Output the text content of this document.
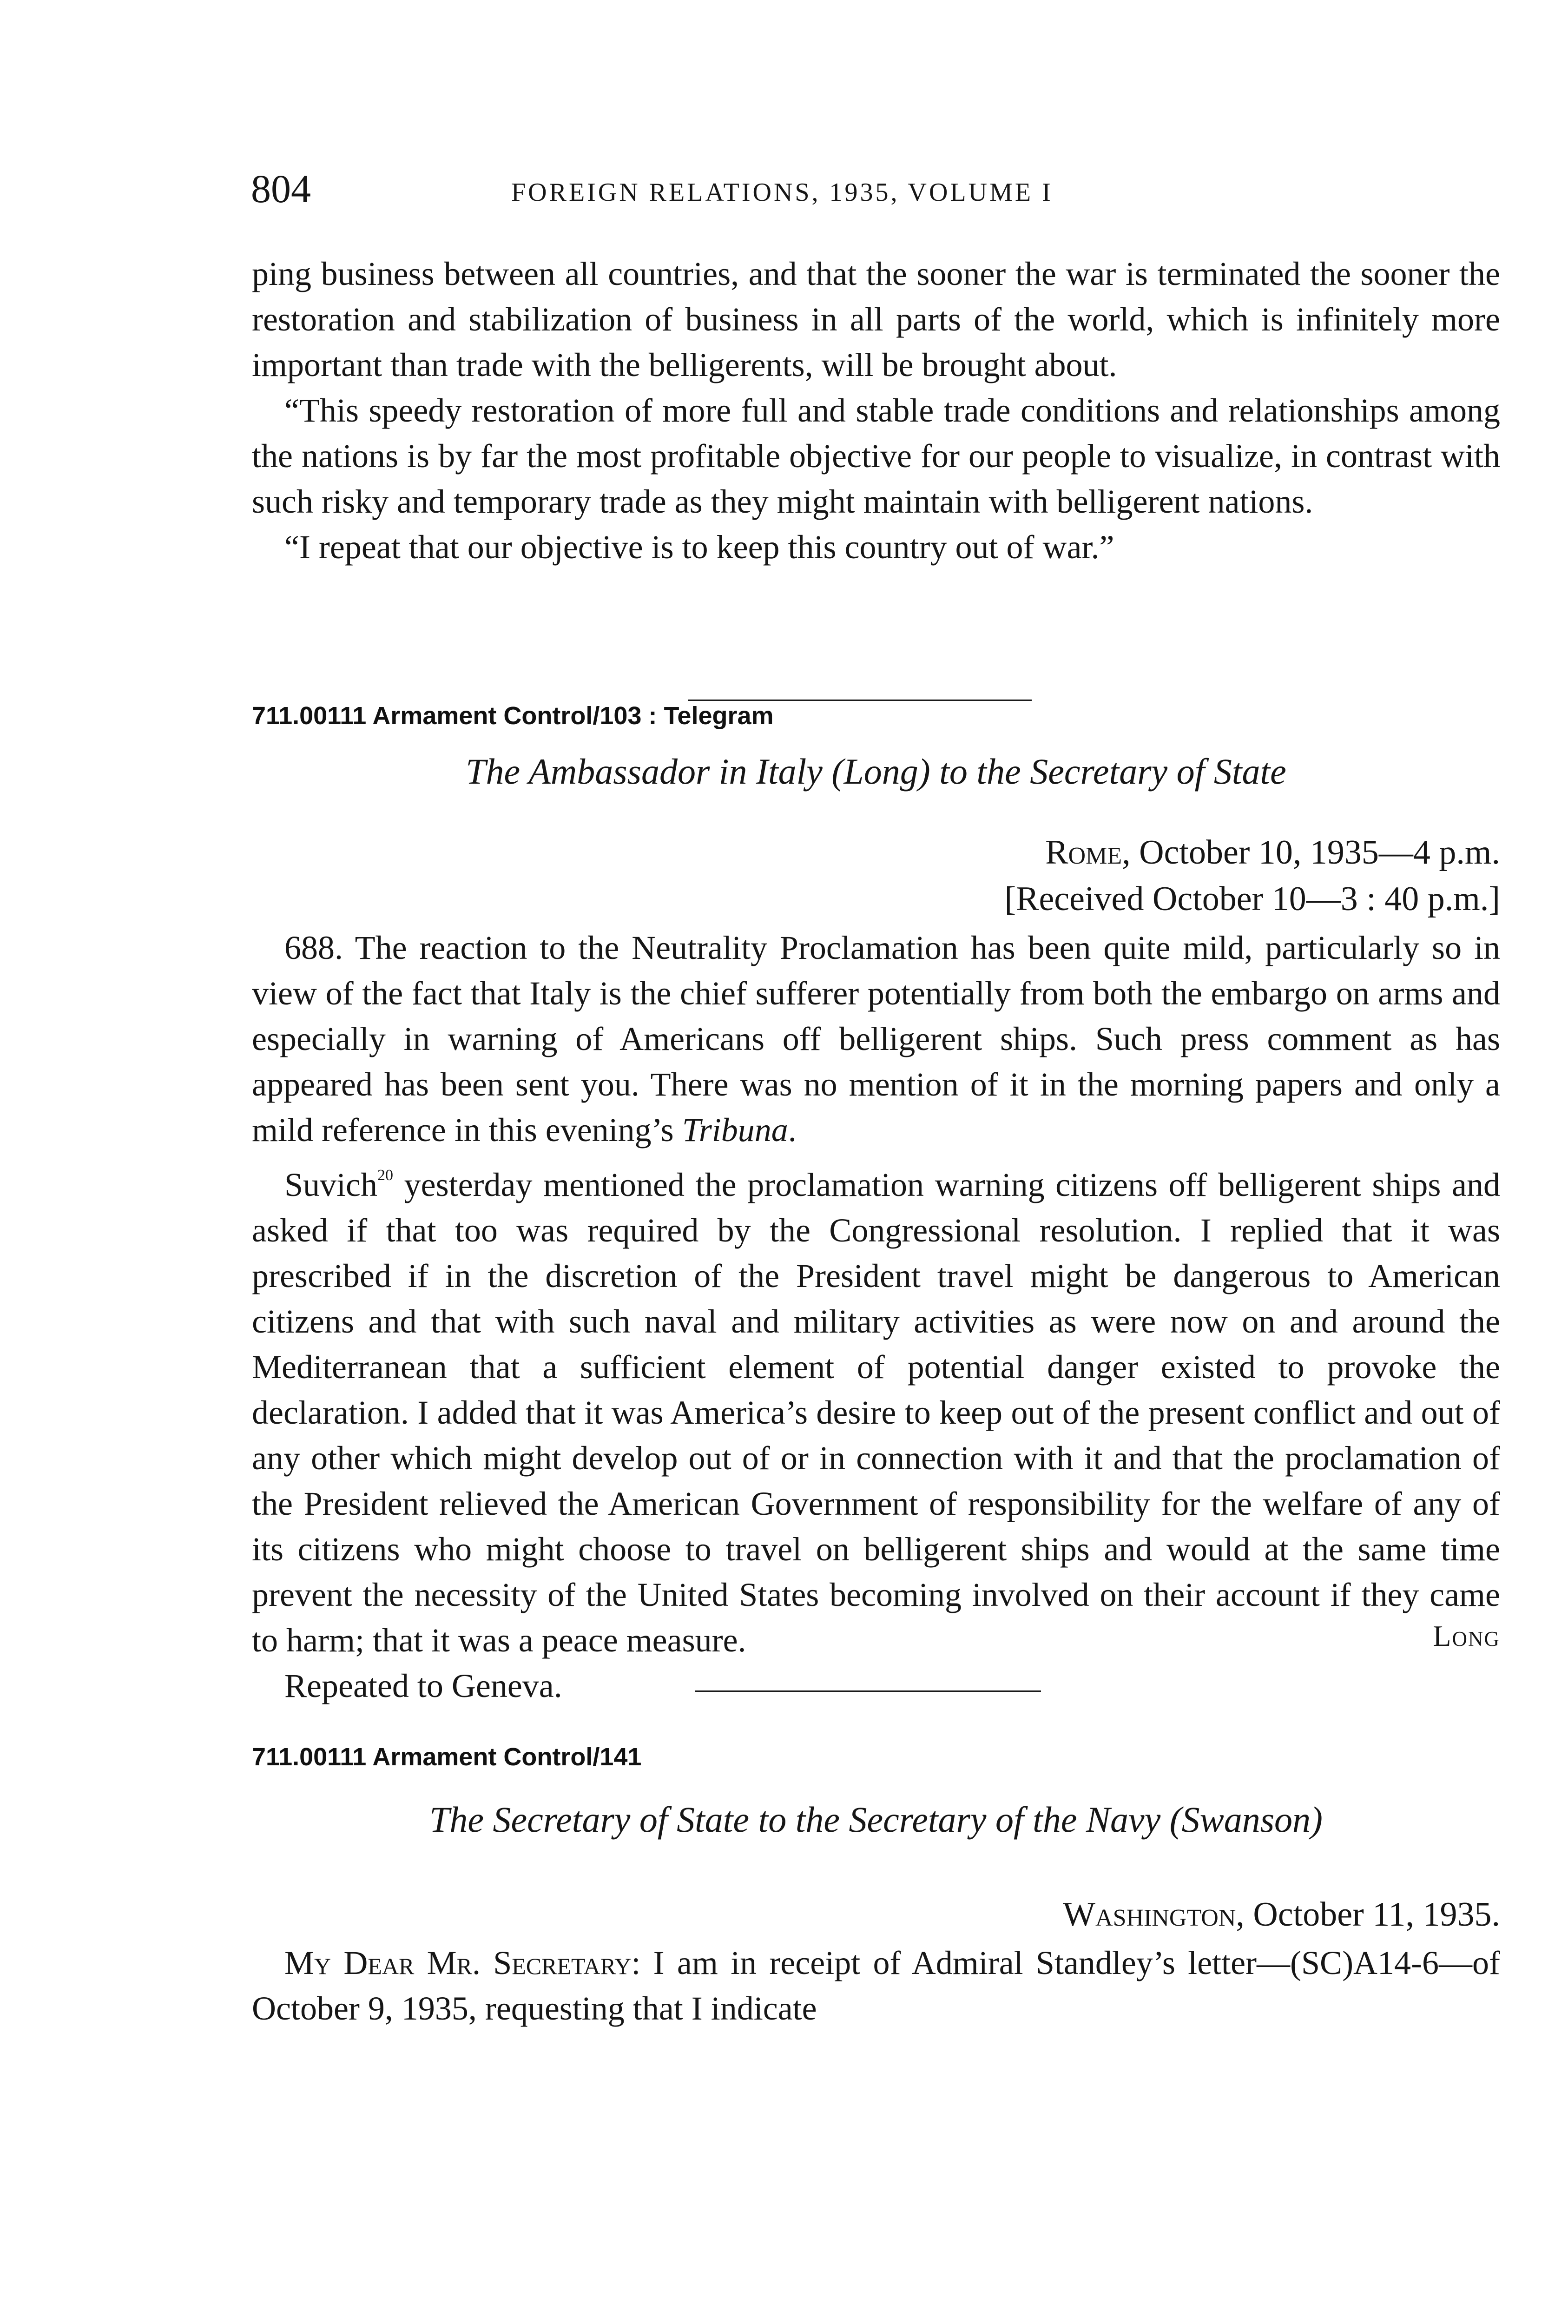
804	FOREIGN RELATIONS, 1935, VOLUME I

ping business between all countries, and that the sooner the war is terminated the sooner the restoration and stabilization of business in all parts of the world, which is infinitely more important than trade with the belligerents, will be brought about.

“This speedy restoration of more full and stable trade conditions and relationships among the nations is by far the most profitable objective for our people to visualize, in contrast with such risky and temporary trade as they might maintain with belligerent nations.

“I repeat that our objective is to keep this country out of war.”

711.00111 Armament Control/103 : Telegram
The Ambassador in Italy (Long) to the Secretary of State
Rome, October 10, 1935—4 p.m.
[Received October 10—3 : 40 p.m.]

688. The reaction to the Neutrality Proclamation has been quite mild, particularly so in view of the fact that Italy is the chief sufferer potentially from both the embargo on arms and especially in warning of Americans off belligerent ships. Such press comment as has appeared has been sent you. There was no mention of it in the morning papers and only a mild reference in this evening’s Tribuna.

Suvich$^{20}$ yesterday mentioned the proclamation warning citizens off belligerent ships and asked if that too was required by the Congressional resolution. I replied that it was prescribed if in the discretion of the President travel might be dangerous to American citizens and that with such naval and military activities as were now on and around the Mediterranean that a sufficient element of potential danger existed to provoke the declaration. I added that it was America’s desire to keep out of the present conflict and out of any other which might develop out of or in connection with it and that the proclamation of the President relieved the American Government of responsibility for the welfare of any of its citizens who might choose to travel on belligerent ships and would at the same time prevent the necessity of the United States becoming involved on their account if they came to harm; that it was a peace measure.

Repeated to Geneva.

Long
711.00111 Armament Control/141
The Secretary of State to the Secretary of the Navy (Swanson)
Washington, October 11, 1935.

My Dear Mr. Secretary: I am in receipt of Admiral Standley’s letter—(SC)A14-6—of October 9, 1935, requesting that I indicate
